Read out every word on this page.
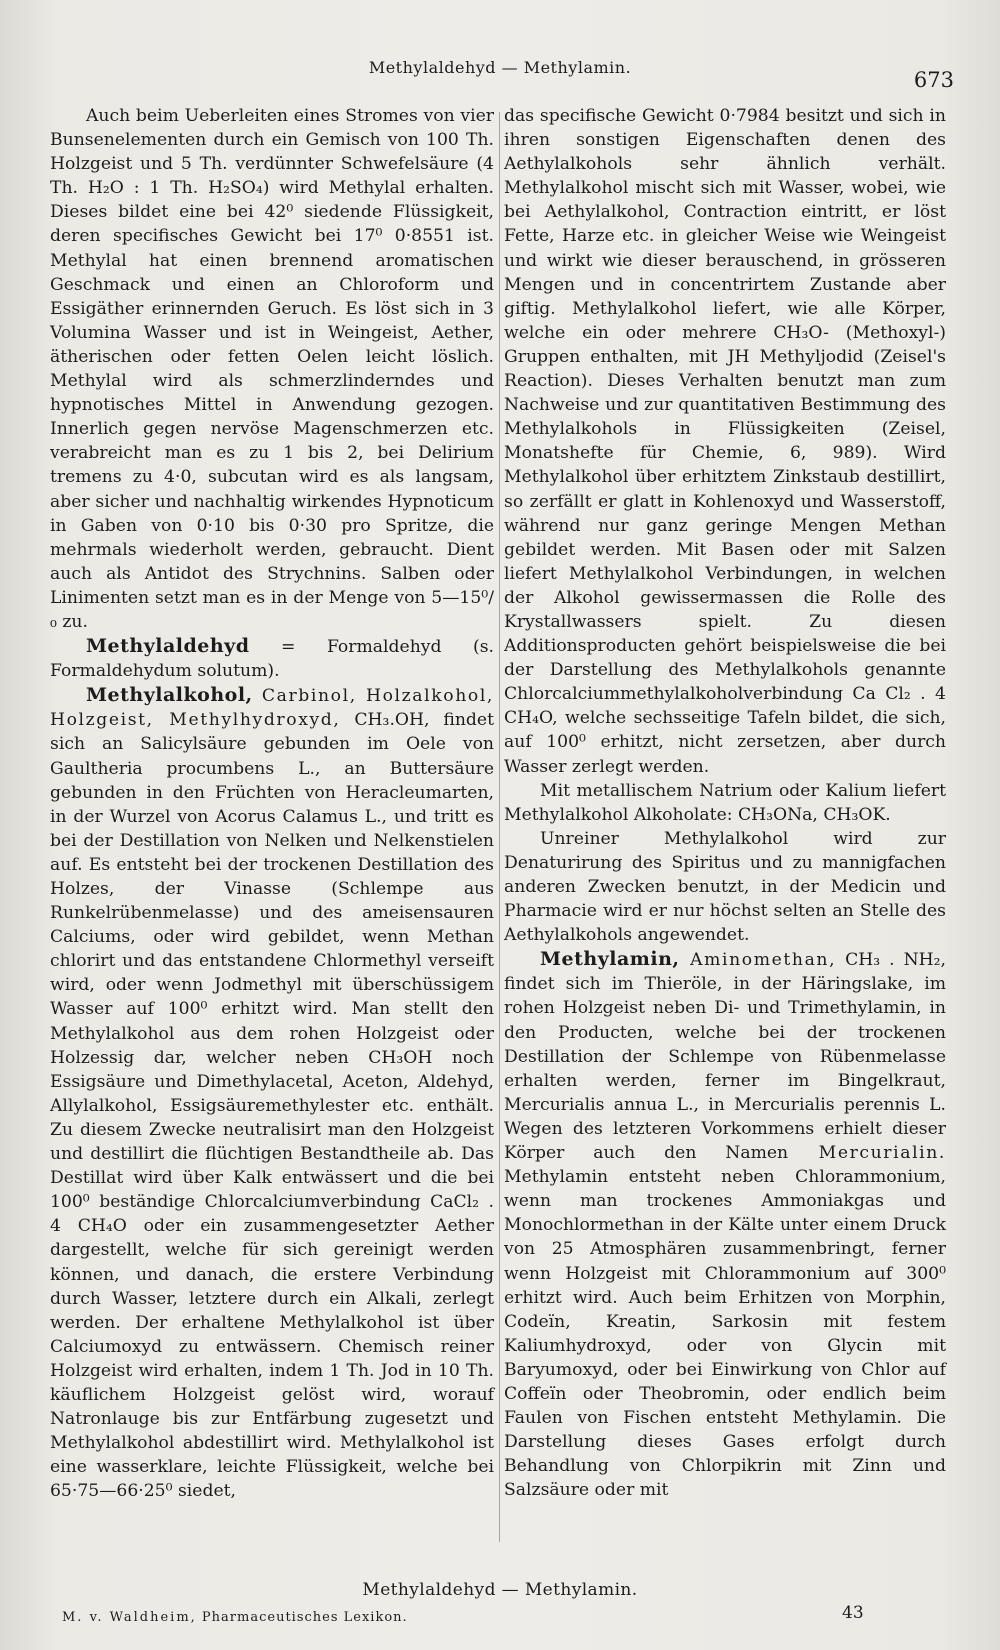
Methylaldehyd — Methylamin.
673

Auch beim Ueberleiten eines Stromes von vier Bunsenelementen durch ein Gemisch von 100 Th. Holzgeist und 5 Th. verdünnter Schwefelsäure (4 Th. H₂O : 1 Th. H₂SO₄) wird Methylal erhalten. Dieses bildet eine bei 42⁰ siedende Flüssigkeit, deren specifisches Gewicht bei 17⁰ 0·8551 ist. Methylal hat einen brennend aromatischen Geschmack und einen an Chloroform und Essigäther erinnernden Geruch. Es löst sich in 3 Volumina Wasser und ist in Weingeist, Aether, ätherischen oder fetten Oelen leicht löslich. Methylal wird als schmerzlinderndes und hypnotisches Mittel in Anwendung gezogen. Innerlich gegen nervöse Magenschmerzen etc. verabreicht man es zu 1 bis 2, bei Delirium tremens zu 4·0, subcutan wird es als langsam, aber sicher und nachhaltig wirkendes Hypnoticum in Gaben von 0·10 bis 0·30 pro Spritze, die mehrmals wiederholt werden, gebraucht. Dient auch als Antidot des Strychnins. Salben oder Linimenten setzt man es in der Menge von 5—15⁰/₀ zu.

Methylaldehyd = Formaldehyd (s. Formaldehydum solutum).

Methylalkohol, Carbinol, Holzalkohol, Holzgeist, Methylhydroxyd, CH₃.OH, findet sich an Salicylsäure gebunden im Oele von Gaultheria procumbens L., an Buttersäure gebunden in den Früchten von Heracleumarten, in der Wurzel von Acorus Calamus L., und tritt es bei der Destillation von Nelken und Nelkenstielen auf. Es entsteht bei der trockenen Destillation des Holzes, der Vinasse (Schlempe aus Runkelrübenmelasse) und des ameisensauren Calciums, oder wird gebildet, wenn Methan chlorirt und das entstandene Chlormethyl verseift wird, oder wenn Jodmethyl mit überschüssigem Wasser auf 100⁰ erhitzt wird. Man stellt den Methylalkohol aus dem rohen Holzgeist oder Holzessig dar, welcher neben CH₃OH noch Essigsäure und Dimethylacetal, Aceton, Aldehyd, Allylalkohol, Essigsäuremethylester etc. enthält. Zu diesem Zwecke neutralisirt man den Holzgeist und destillirt die flüchtigen Bestandtheile ab. Das Destillat wird über Kalk entwässert und die bei 100⁰ beständige Chlorcalciumverbindung CaCl₂ . 4 CH₄O oder ein zusammengesetzter Aether dargestellt, welche für sich gereinigt werden können, und danach, die erstere Verbindung durch Wasser, letztere durch ein Alkali, zerlegt werden. Der erhaltene Methylalkohol ist über Calciumoxyd zu entwässern. Chemisch reiner Holzgeist wird erhalten, indem 1 Th. Jod in 10 Th. käuflichem Holzgeist gelöst wird, worauf Natronlauge bis zur Entfärbung zugesetzt und Methylalkohol abdestillirt wird. Methylalkohol ist eine wasserklare, leichte Flüssigkeit, welche bei 65·75—66·25⁰ siedet,

das specifische Gewicht 0·7984 besitzt und sich in ihren sonstigen Eigenschaften denen des Aethylalkohols sehr ähnlich verhält. Methylalkohol mischt sich mit Wasser, wobei, wie bei Aethylalkohol, Contraction eintritt, er löst Fette, Harze etc. in gleicher Weise wie Weingeist und wirkt wie dieser berauschend, in grösseren Mengen und in concentrirtem Zustande aber giftig. Methylalkohol liefert, wie alle Körper, welche ein oder mehrere CH₃O- (Methoxyl-) Gruppen enthalten, mit JH Methyljodid (Zeisel's Reaction). Dieses Verhalten benutzt man zum Nachweise und zur quantitativen Bestimmung des Methylalkohols in Flüssigkeiten (Zeisel, Monatshefte für Chemie, 6, 989). Wird Methylalkohol über erhitztem Zinkstaub destillirt, so zerfällt er glatt in Kohlenoxyd und Wasserstoff, während nur ganz geringe Mengen Methan gebildet werden. Mit Basen oder mit Salzen liefert Methylalkohol Verbindungen, in welchen der Alkohol gewissermassen die Rolle des Krystallwassers spielt. Zu diesen Additionsproducten gehört beispielsweise die bei der Darstellung des Methylalkohols genannte Chlorcalciummethylalkoholverbindung Ca Cl₂ . 4 CH₄O, welche sechsseitige Tafeln bildet, die sich, auf 100⁰ erhitzt, nicht zersetzen, aber durch Wasser zerlegt werden.

Mit metallischem Natrium oder Kalium liefert Methylalkohol Alkoholate: CH₃ONa, CH₃OK.

Unreiner Methylalkohol wird zur Denaturirung des Spiritus und zu mannigfachen anderen Zwecken benutzt, in der Medicin und Pharmacie wird er nur höchst selten an Stelle des Aethylalkohols angewendet.

Methylamin, Aminomethan, CH₃ . NH₂, findet sich im Thieröle, in der Häringslake, im rohen Holzgeist neben Di- und Trimethylamin, in den Producten, welche bei der trockenen Destillation der Schlempe von Rübenmelasse erhalten werden, ferner im Bingelkraut, Mercurialis annua L., in Mercurialis perennis L. Wegen des letzteren Vorkommens erhielt dieser Körper auch den Namen Mercurialin. Methylamin entsteht neben Chlorammonium, wenn man trockenes Ammoniakgas und Monochlormethan in der Kälte unter einem Druck von 25 Atmosphären zusammenbringt, ferner wenn Holzgeist mit Chlorammonium auf 300⁰ erhitzt wird. Auch beim Erhitzen von Morphin, Codeïn, Kreatin, Sarkosin mit festem Kaliumhydroxyd, oder von Glycin mit Baryumoxyd, oder bei Einwirkung von Chlor auf Coffeïn oder Theobromin, oder endlich beim Faulen von Fischen entsteht Methylamin. Die Darstellung dieses Gases erfolgt durch Behandlung von Chlorpikrin mit Zinn und Salzsäure oder mit

Methylaldehyd — Methylamin.
M. v. Waldheim, Pharmaceutisches Lexikon.	43
